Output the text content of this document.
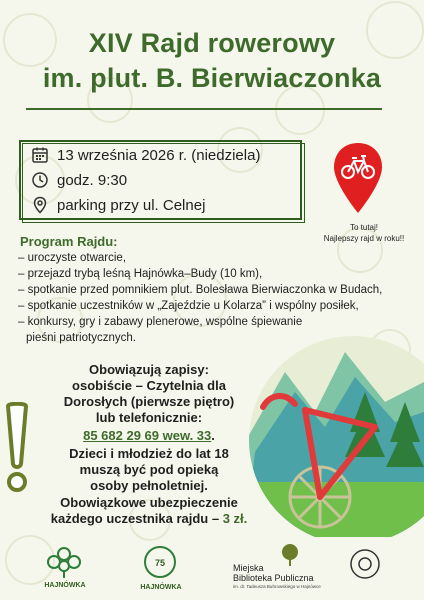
XIV Rajd rowerowy
im. plut. B. Bierwiaczonka
13 września 2026 r. (niedziela)
godz. 9:30
parking przy ul. Celnej
To tutaj!
Najlepszy rajd w roku!!
Program Rajdu:
– uroczyste otwarcie,
– przejazd trybą leśną Hajnówka–Budy (10 km),
– spotkanie przed pomnikiem plut. Bolesława Bierwiaczonka w Budach,
– spotkanie uczestników w „Zajeździe u Kolarza” i wspólny posiłek,
– konkursy, gry i zabawy plenerowe, wspólne śpiewanie
pieśni patriotycznych.
Obowiązują zapisy:
osobiście – Czytelnia dla
Dorosłych (pierwsze piętro)
lub telefonicznie:
85 682 29 69 wew. 33.
Dzieci i młodzież do lat 18
muszą być pod opieką
osoby pełnoletniej.
Obowiązkowe ubezpieczenie
każdego uczestnika rajdu – 3 zł.
HAJNÓWKA
75
HAJNÓWKA
Miejska
Biblioteka Publiczna
im. dr. Tadeusza Buhrowskiego w Hajnówce
